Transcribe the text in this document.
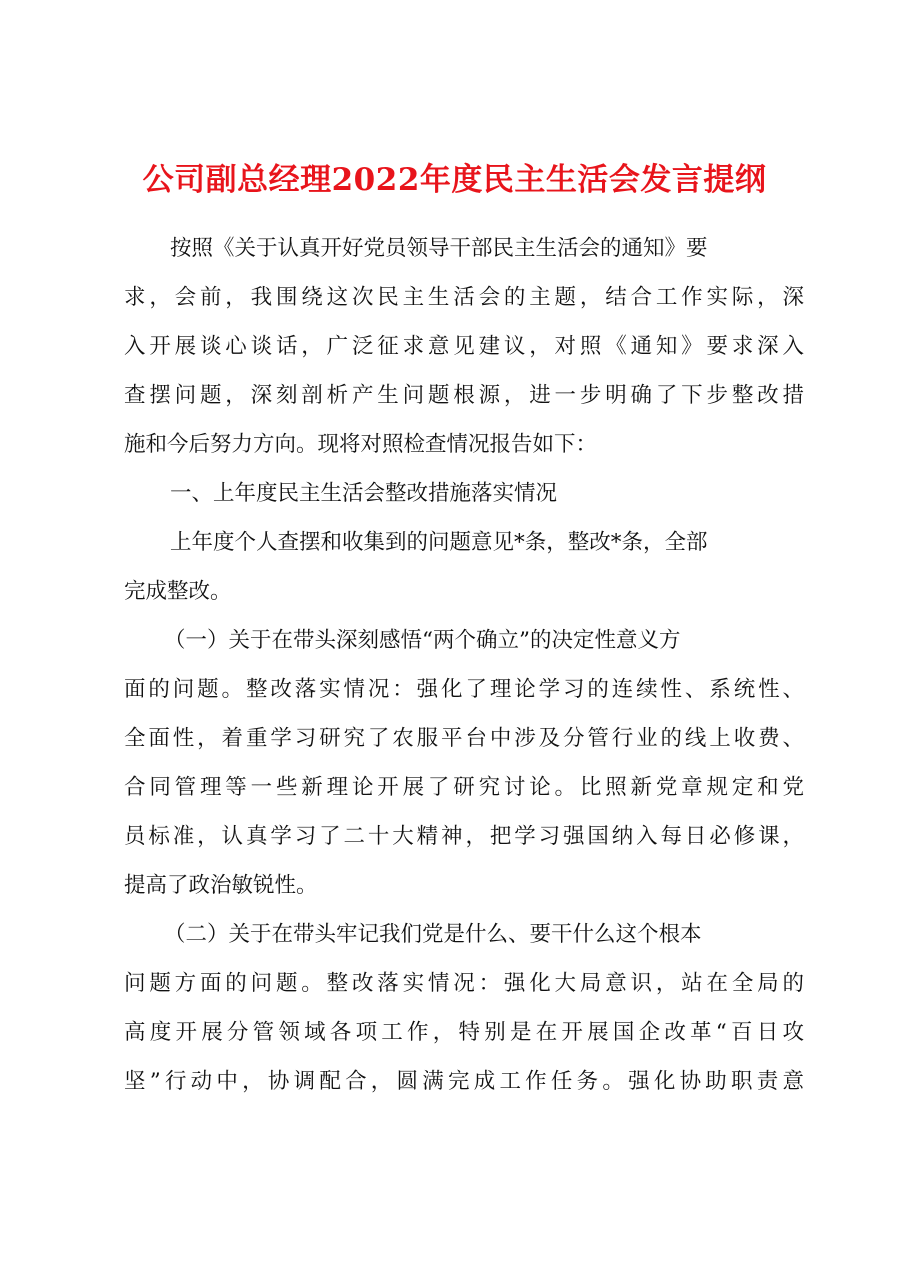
公司副总经理2022年度民主生活会发言提纲
按照《关于认真开好党员领导干部民主生活会的通知》要
求，会前，我围绕这次民主生活会的主题，结合工作实际，深
入开展谈心谈话，广泛征求意见建议，对照《通知》要求深入
查摆问题，深刻剖析产生问题根源，进一步明确了下步整改措
施和今后努力方向。现将对照检查情况报告如下：
一、上年度民主生活会整改措施落实情况
上年度个人查摆和收集到的问题意见*条，整改*条，全部
完成整改。
（一）关于在带头深刻感悟“两个确立”的决定性意义方
面的问题。整改落实情况：强化了理论学习的连续性、系统性、
全面性，着重学习研究了农服平台中涉及分管行业的线上收费、
合同管理等一些新理论开展了研究讨论。比照新党章规定和党
员标准，认真学习了二十大精神，把学习强国纳入每日必修课，
提高了政治敏锐性。
（二）关于在带头牢记我们党是什么、要干什么这个根本
问题方面的问题。整改落实情况：强化大局意识，站在全局的
高度开展分管领域各项工作，特别是在开展国企改革“百日攻
坚”行动中，协调配合，圆满完成工作任务。强化协助职责意
